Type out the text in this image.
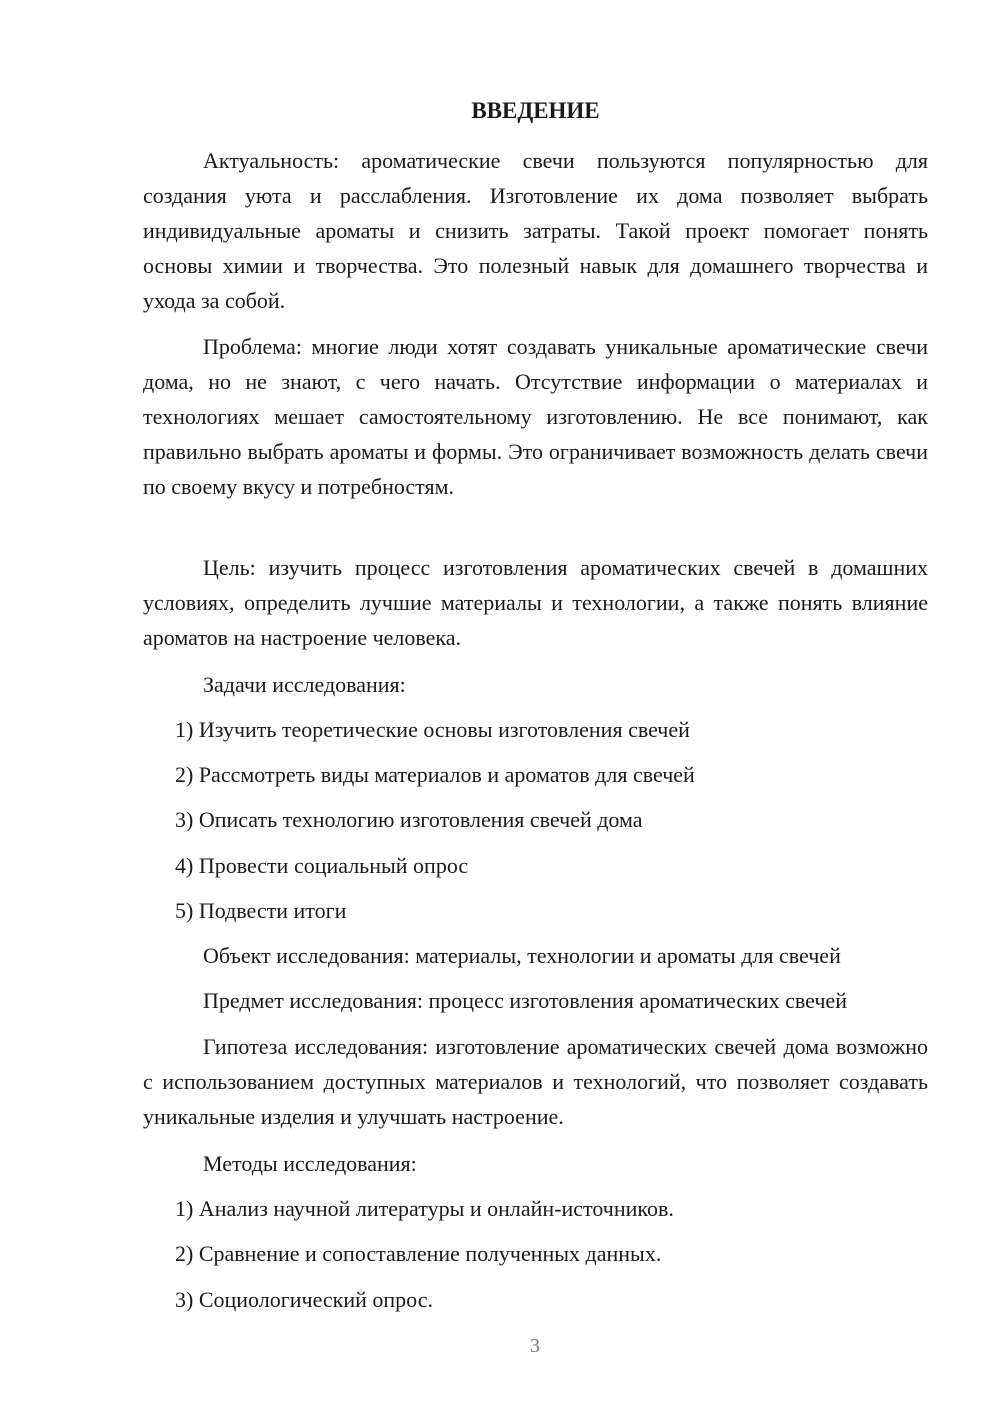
ВВЕДЕНИЕ

Актуальность: ароматические свечи пользуются популярностью для создания уюта и расслабления. Изготовление их дома позволяет выбрать индивидуальные ароматы и снизить затраты. Такой проект помогает понять основы химии и творчества. Это полезный навык для домашнего творчества и ухода за собой.

Проблема: многие люди хотят создавать уникальные ароматические свечи дома, но не знают, с чего начать. Отсутствие информации о материалах и технологиях мешает самостоятельному изготовлению. Не все понимают, как правильно выбрать ароматы и формы. Это ограничивает возможность делать свечи по своему вкусу и потребностям.

Цель: изучить процесс изготовления ароматических свечей в домашних условиях, определить лучшие материалы и технологии, а также понять влияние ароматов на настроение человека.

Задачи исследования:

1) Изучить теоретические основы изготовления свечей

2) Рассмотреть виды материалов и ароматов для свечей

3) Описать технологию изготовления свечей дома

4) Провести социальный опрос

5) Подвести итоги

Объект исследования: материалы, технологии и ароматы для свечей

Предмет исследования: процесс изготовления ароматических свечей

Гипотеза исследования: изготовление ароматических свечей дома возможно с использованием доступных материалов и технологий, что позволяет создавать уникальные изделия и улучшать настроение.

Методы исследования:

1) Анализ научной литературы и онлайн-источников.

2) Сравнение и сопоставление полученных данных.

3) Социологический опрос.

3
